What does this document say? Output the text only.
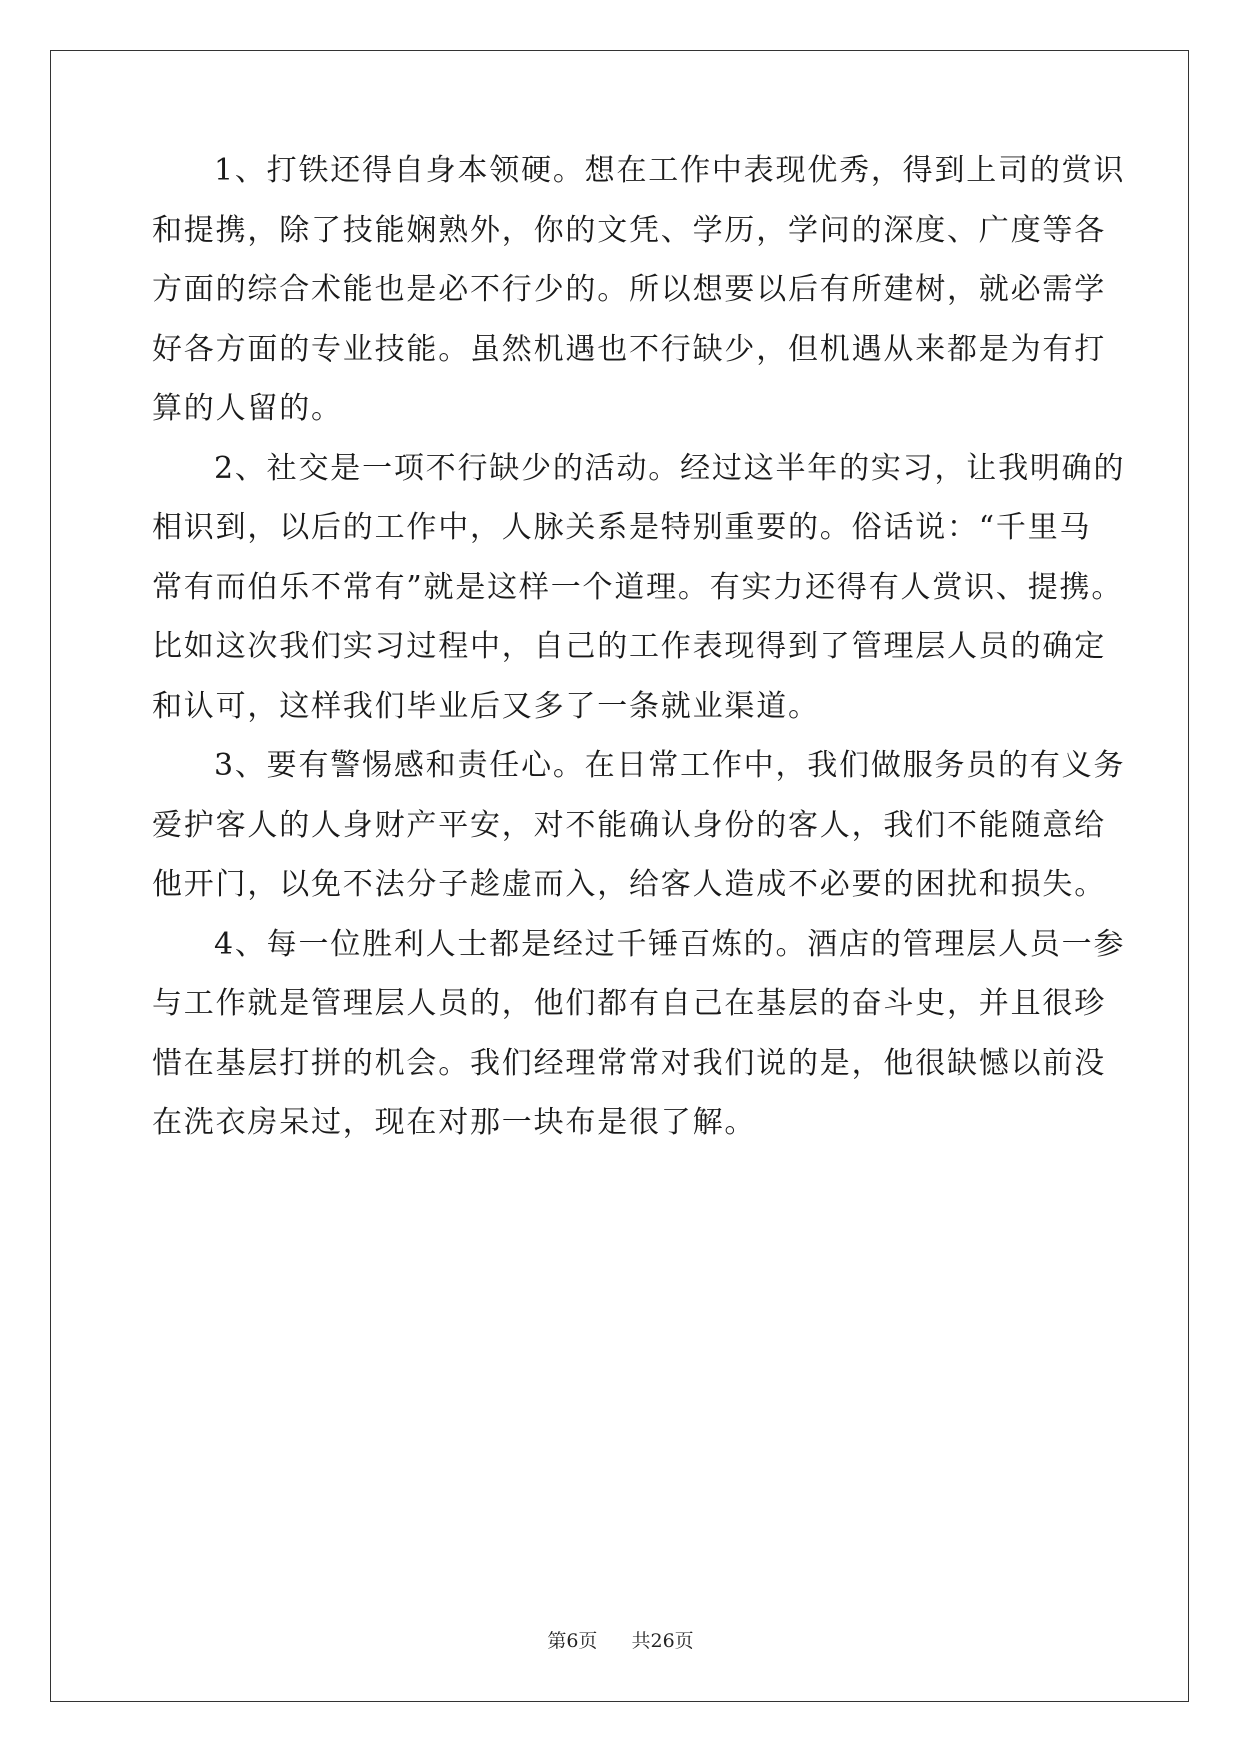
1、打铁还得自身本领硬。想在工作中表现优秀，得到上司的赏识
和提携，除了技能娴熟外，你的文凭、学历，学问的深度、广度等各
方面的综合术能也是必不行少的。所以想要以后有所建树，就必需学
好各方面的专业技能。虽然机遇也不行缺少，但机遇从来都是为有打
算的人留的。
2、社交是一项不行缺少的活动。经过这半年的实习，让我明确的
相识到，以后的工作中，人脉关系是特别重要的。俗话说：“千里马
常有而伯乐不常有”就是这样一个道理。有实力还得有人赏识、提携。
比如这次我们实习过程中，自己的工作表现得到了管理层人员的确定
和认可，这样我们毕业后又多了一条就业渠道。
3、要有警惕感和责任心。在日常工作中，我们做服务员的有义务
爱护客人的人身财产平安，对不能确认身份的客人，我们不能随意给
他开门，以免不法分子趁虚而入，给客人造成不必要的困扰和损失。
4、每一位胜利人士都是经过千锤百炼的。酒店的管理层人员一参
与工作就是管理层人员的，他们都有自己在基层的奋斗史，并且很珍
惜在基层打拼的机会。我们经理常常对我们说的是，他很缺憾以前没
在洗衣房呆过，现在对那一块布是很了解。
第6页 共26页
